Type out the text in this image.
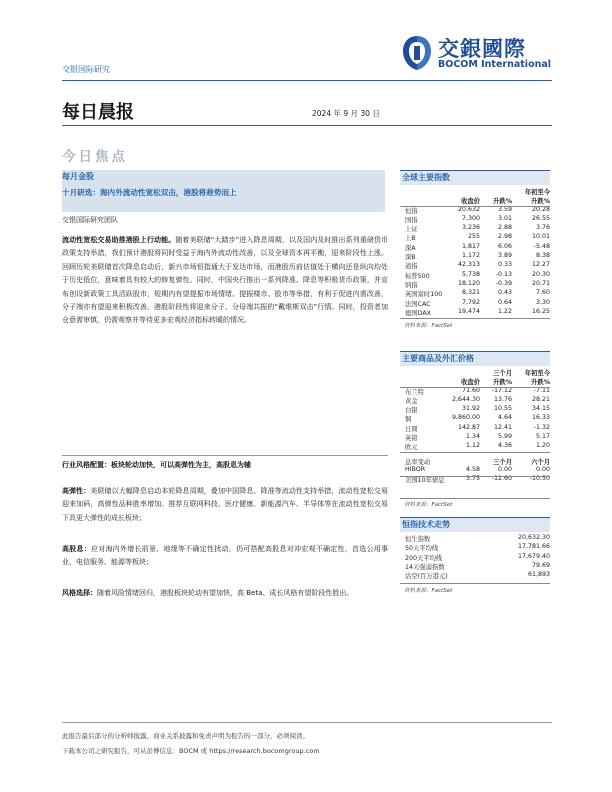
交銀國際
BOCOM International
交银国际研究
每日晨报	2024 年 9 月 30 日
今日焦点
每月金股
十月研选：海内外流动性宽松双击，港股将趁势而上
交银国际研究团队
流动性宽松交易助推港股上行动能。随着美联储“大踏步”进入降息周期，以及国内及时推出系列重磅货币政策支持举措，我们预计港股将同时受益于海内外流动性改善，以及全球资本再平衡，迎来阶段性上涨。回顾历轮美联储首次降息启动后，新兴市场恒指通大于发达市场，而港股历前估值处于横向还是纵向均处于历史低位，意味着具有较大的修复弹性。同时，中国央行推出一系列降准、降息等积极货币政策，并宣布创设新政策工具活跃股市，短期内有望提振市场情绪。提振楼市、股市等举措，有利于促进内需改善，分子端亦有望迎来积极改善。港股阶段性将迎来分子、分母端共振的“戴维斯双击”行情。同时，投资者加仓意需审慎，仍需观察并等待更多宏观经济指标转暖的情况。
行业风格配置：板块轮动加快，可以高弹性为主，高股息为辅
高弹性：美联储以大幅降息启动本轮降息周期，叠加中国降息、降准等流动性支持举措，流动性宽松交易迎来加码，高弹性品种胜率增加。推荐互联网科技、医疗健康、新能源汽车、半导体等在流动性宽松交易下具更大弹性的成长板块；
高股息：应对海内外增长前景、地缘等不确定性扰动，仍可搭配高股息对冲宏观不确定性，首选公用事业、电信服务、能源等板块；
风格选择：随着风险情绪回归，港股板块轮动有望加快，高 Beta、成长风格有望阶段性胜出。
全球主要指数
年初至今
收盘价 升跌%	升跌%
恒指	20,632	3.59	20.28
国指	7,300	3.01	26.55
上证	3,236	2.88	3.76
上B	255	2.98	10.01
深A	1,817	6.06	-5.48
深B	1,172	3.89	8.38
道指	42,313	0.33	12.27
标普500	5,738 -0.13	20.30
纳指	18,120 -0.39	20.71
英国富时100	8,321	0.43	7.60
法国CAC	7,792	0.64	3.30
德国DAX	19,474	1.22	16.25
资料来源：FactSet
主要商品及外汇价格
三个月 年初至今
收盘价 升跌%	升跌%
布兰特	71.60 -17.12	-7.11
黄金	2,644.30 13.76	28.21
白银	31.92 10.55	34.15
铜	9,860.00	4.64	16.33
日圆	142.87 12.41	-1.32
英镑	1.34	5.99	5.17
欧元	1.12	4.36	1.20
息率变动	三个月	六个月
HIBOR	4.58	0.00	0.00
美国10年债息	3.75 -12.60	-10.50
资料来源：FactSet
恒指技术走势
恒生指数	20,632.30
50天平均线	17,781.66
200天平均线	17,679.40
14天强弱指数	79.69
沽空(百万港元)	61,893
资料来源：FactSet
此报告最后部分的分析师披露、商业关系披露和免责声明为报告的一部分，必须阅读。
下载本公司之研究报告，可从彭博信息：BOCM 或 https://research.bocomgroup.com
